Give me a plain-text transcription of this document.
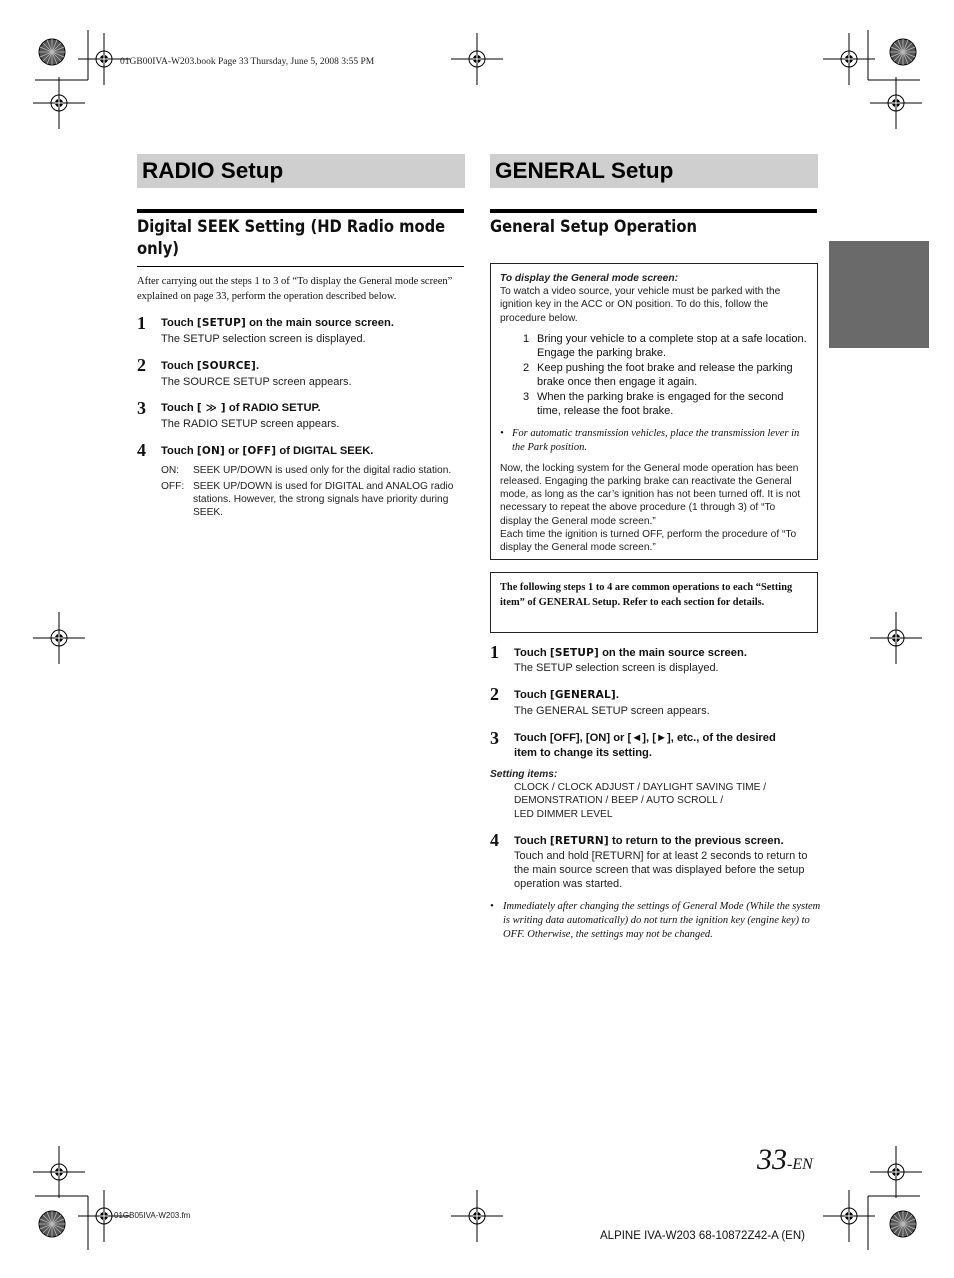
01GB00IVA-W203.book Page 33 Thursday, June 5, 2008 3:55 PM
RADIO Setup
Digital SEEK Setting (HD Radio mode only)
After carrying out the steps 1 to 3 of “To display the General mode screen” explained on page 33, perform the operation described below.
1 Touch [SETUP] on the main source screen.
The SETUP selection screen is displayed.
2 Touch [SOURCE].
The SOURCE SETUP screen appears.
3 Touch [ ≫ ] of RADIO SETUP.
The RADIO SETUP screen appears.
4 Touch [ON] or [OFF] of DIGITAL SEEK.
ON: SEEK UP/DOWN is used only for the digital radio station.
OFF: SEEK UP/DOWN is used for DIGITAL and ANALOG radio stations. However, the strong signals have priority during SEEK.
GENERAL Setup
General Setup Operation
To display the General mode screen:
To watch a video source, your vehicle must be parked with the ignition key in the ACC or ON position. To do this, follow the procedure below.
1 Bring your vehicle to a complete stop at a safe location. Engage the parking brake.
2 Keep pushing the foot brake and release the parking brake once then engage it again.
3 When the parking brake is engaged for the second time, release the foot brake.
• For automatic transmission vehicles, place the transmission lever in the Park position.
Now, the locking system for the General mode operation has been released. Engaging the parking brake can reactivate the General mode, as long as the car’s ignition has not been turned off. It is not necessary to repeat the above procedure (1 through 3) of “To display the General mode screen.”
Each time the ignition is turned OFF, perform the procedure of “To display the General mode screen.”
The following steps 1 to 4 are common operations to each “Setting item” of GENERAL Setup. Refer to each section for details.
1 Touch [SETUP] on the main source screen.
The SETUP selection screen is displayed.
2 Touch [GENERAL].
The GENERAL SETUP screen appears.
3 Touch [OFF], [ON] or [◄], [►], etc., of the desired
item to change its setting.
Setting items:
CLOCK / CLOCK ADJUST / DAYLIGHT SAVING TIME /
DEMONSTRATION / BEEP / AUTO SCROLL /
LED DIMMER LEVEL
4 Touch [RETURN] to return to the previous screen.
Touch and hold [RETURN] for at least 2 seconds to return to the main source screen that was displayed before the setup operation was started.
• Immediately after changing the settings of General Mode (While the system is writing data automatically) do not turn the ignition key (engine key) to OFF. Otherwise, the settings may not be changed.
33-EN
01GB05IVA-W203.fm
ALPINE IVA-W203 68-10872Z42-A (EN)
